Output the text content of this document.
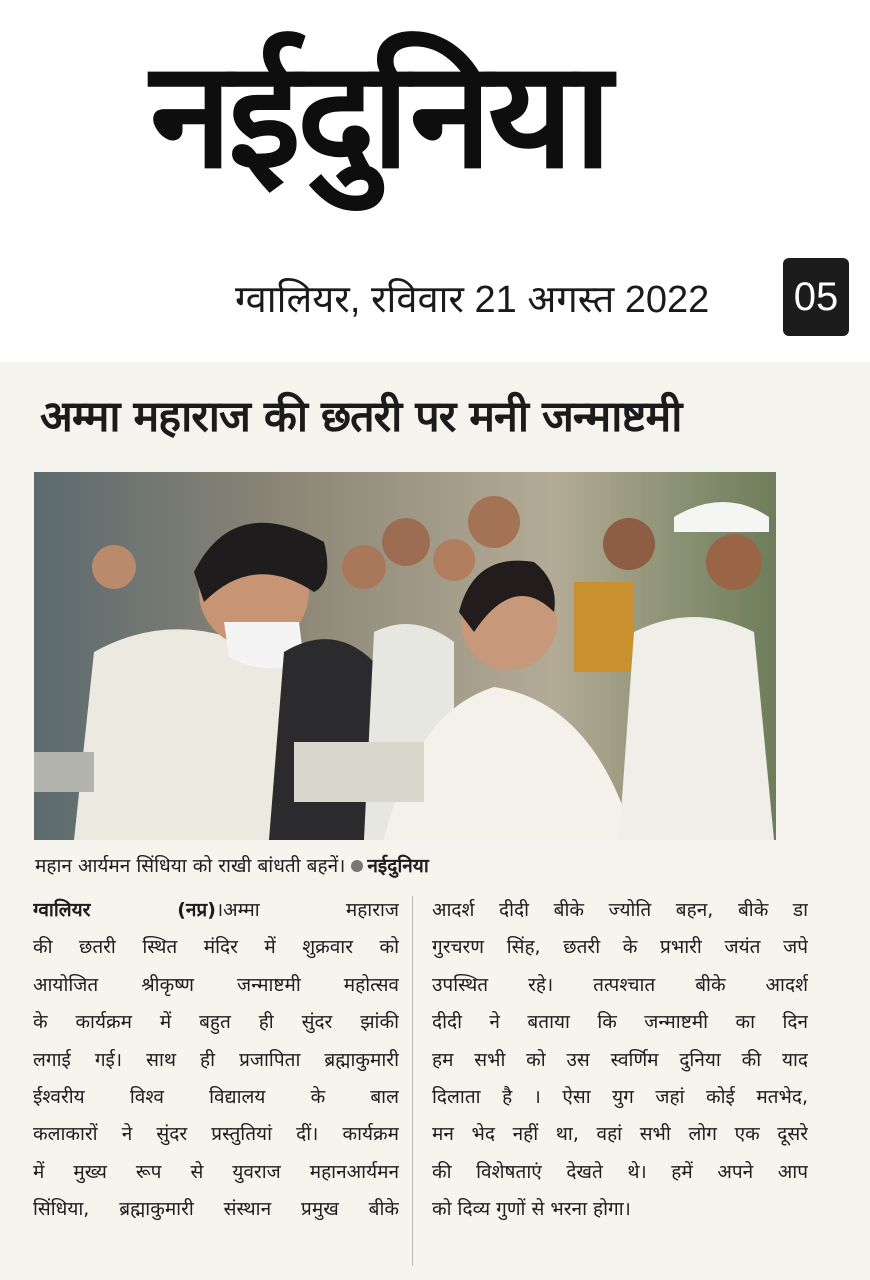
नईदुनिया
ग्वालियर, रविवार 21 अगस्त 2022	05
अम्मा महाराज की छतरी पर मनी जन्माष्टमी
महान आर्यमन सिंधिया को राखी बांधती बहनें। नईदुनिया
ग्वालियर (नप्र)।अम्मा महाराज
की छतरी स्थित मंदिर में शुक्रवार को
आयोजित श्रीकृष्ण जन्माष्टमी महोत्सव
के कार्यक्रम में बहुत ही सुंदर झांकी
लगाई गई। साथ ही प्रजापिता ब्रह्माकुमारी
ईश्वरीय विश्व विद्यालय के बाल
कलाकारों ने सुंदर प्रस्तुतियां दीं। कार्यक्रम
में मुख्य रूप से युवराज महानआर्यमन
सिंधिया, ब्रह्माकुमारी संस्थान प्रमुख बीके
आदर्श दीदी बीके ज्योति बहन, बीके डा
गुरचरण सिंह, छतरी के प्रभारी जयंत जपे
उपस्थित रहे। तत्पश्चात बीके आदर्श
दीदी ने बताया कि जन्माष्टमी का दिन
हम सभी को उस स्वर्णिम दुनिया की याद
दिलाता है । ऐसा युग जहां कोई मतभेद,
मन भेद नहीं था, वहां सभी लोग एक दूसरे
की विशेषताएं देखते थे। हमें अपने आप
को दिव्य गुणों से भरना होगा।
